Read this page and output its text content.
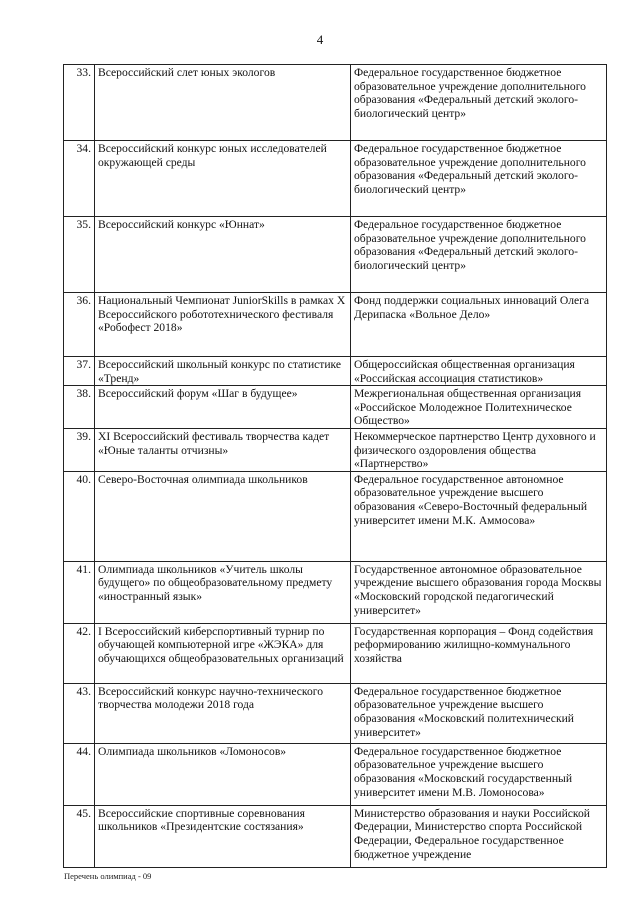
4
33.	Всероссийский слет юных экологов	Федеральное государственное бюджетное образовательное учреждение дополнительного образования «Федеральный детский эколого-биологический центр»
34.	Всероссийский конкурс юных исследователей окружающей среды	Федеральное государственное бюджетное образовательное учреждение дополнительного образования «Федеральный детский эколого-биологический центр»
35.	Всероссийский конкурс «Юннат»	Федеральное государственное бюджетное образовательное учреждение дополнительного образования «Федеральный детский эколого-биологический центр»
36.	Национальный Чемпионат JuniorSkills в рамках X Всероссийского робототехнического фестиваля «Робофест 2018»	Фонд поддержки социальных инноваций Олега Дерипаска «Вольное Дело»
37.	Всероссийский школьный конкурс по статистике «Тренд»	Общероссийская общественная организация «Российская ассоциация статистиков»
38.	Всероссийский форум «Шаг в будущее»	Межрегиональная общественная организация «Российское Молодежное Политехническое Общество»
39.	XI Всероссийский фестиваль творчества кадет «Юные таланты отчизны»	Некоммерческое партнерство Центр духовного и физического оздоровления общества «Партнерство»
40.	Северо-Восточная олимпиада школьников	Федеральное государственное автономное образовательное учреждение высшего образования «Северо-Восточный федеральный университет имени М.К. Аммосова»
41.	Олимпиада школьников «Учитель школы будущего» по общеобразовательному предмету «иностранный язык»	Государственное автономное образовательное учреждение высшего образования города Москвы «Московский городской педагогический университет»
42.	I Всероссийский киберспортивный турнир по обучающей компьютерной игре «ЖЭКА» для обучающихся общеобразовательных организаций	Государственная корпорация – Фонд содействия реформированию жилищно-коммунального хозяйства
43.	Всероссийский конкурс научно-технического творчества молодежи 2018 года	Федеральное государственное бюджетное образовательное учреждение высшего образования «Московский политехнический университет»
44.	Олимпиада школьников «Ломоносов»	Федеральное государственное бюджетное образовательное учреждение высшего образования «Московский государственный университет имени М.В. Ломоносова»
45.	Всероссийские спортивные соревнования школьников «Президентские состязания»	Министерство образования и науки Российской Федерации, Министерство спорта Российской Федерации, Федеральное государственное бюджетное учреждение
Перечень олимпиад - 09
